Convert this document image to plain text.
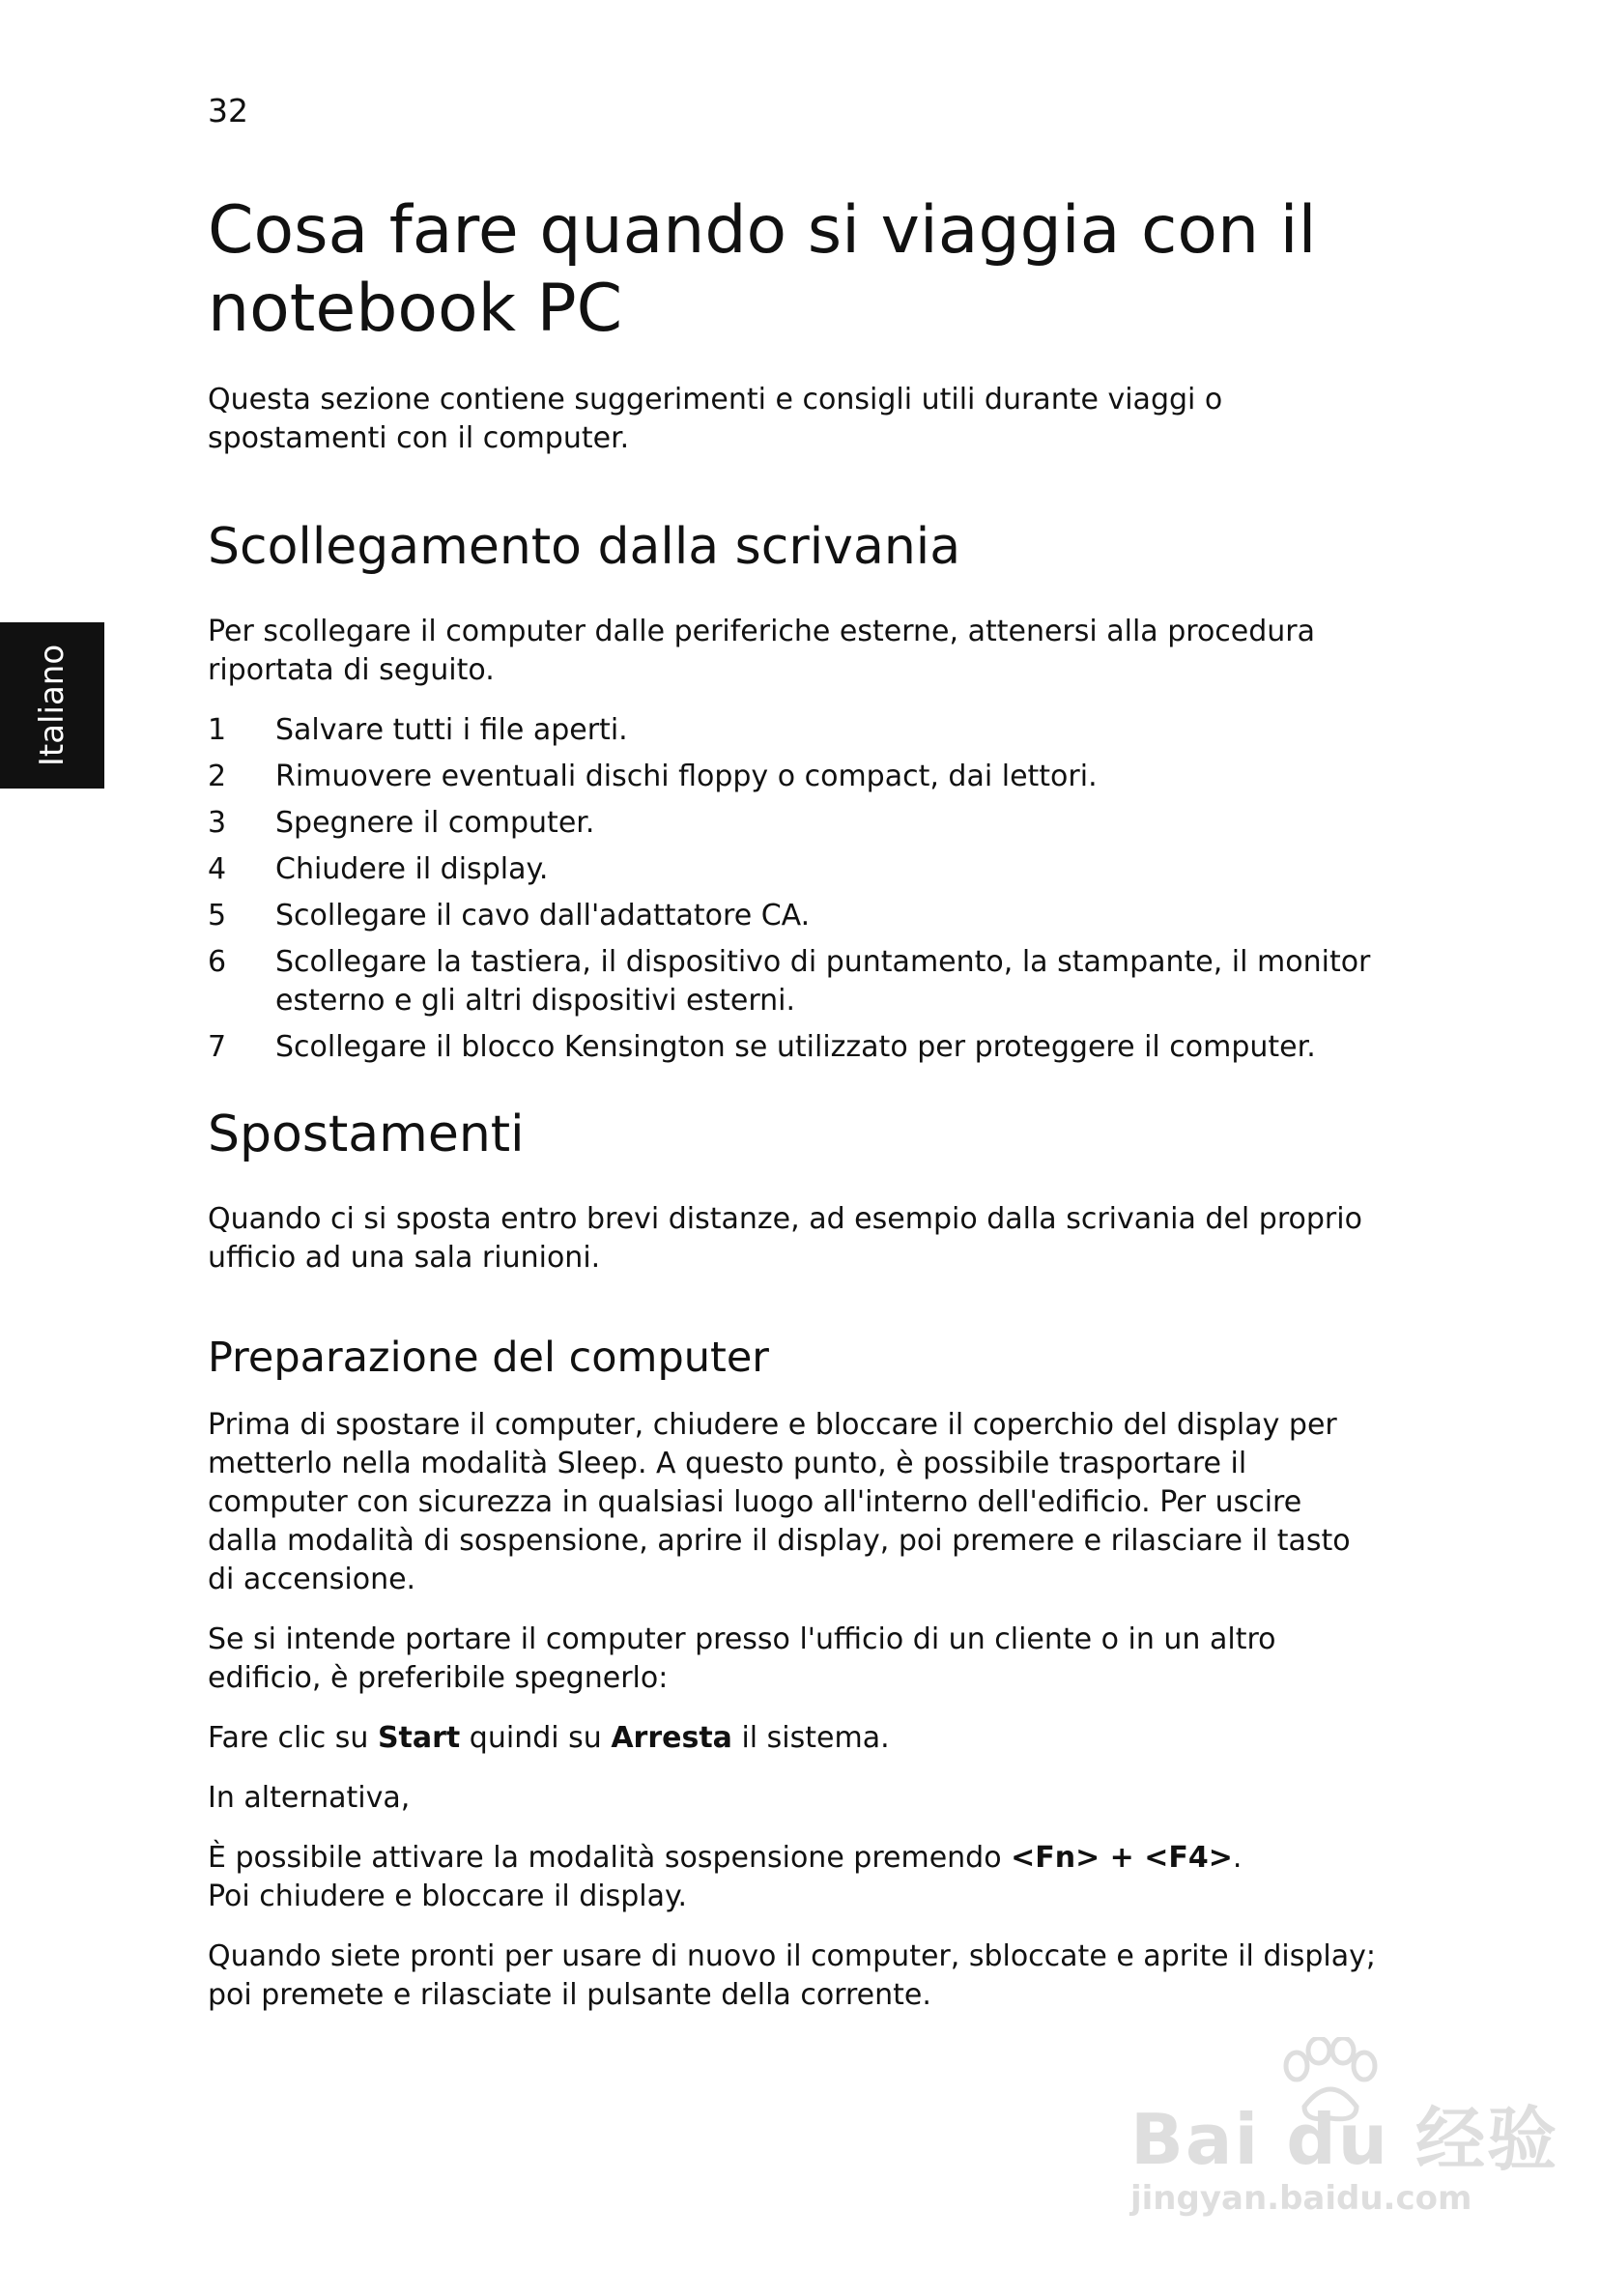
32
Italiano
Cosa fare quando si viaggia con il
notebook PC

Questa sezione contiene suggerimenti e consigli utili durante viaggi o
spostamenti con il computer.

Scollegamento dalla scrivania

Per scollegare il computer dalle periferiche esterne, attenersi alla procedura
riportata di seguito.

1	Salvare tutti i file aperti.
2	Rimuovere eventuali dischi floppy o compact, dai lettori.
3	Spegnere il computer.
4	Chiudere il display.
5	Scollegare il cavo dall'adattatore CA.
6	Scollegare la tastiera, il dispositivo di puntamento, la stampante, il monitor
esterno e gli altri dispositivi esterni.
7	Scollegare il blocco Kensington se utilizzato per proteggere il computer.
Spostamenti

Quando ci si sposta entro brevi distanze, ad esempio dalla scrivania del proprio
ufficio ad una sala riunioni.

Preparazione del computer

Prima di spostare il computer, chiudere e bloccare il coperchio del display per
metterlo nella modalità Sleep. A questo punto, è possibile trasportare il
computer con sicurezza in qualsiasi luogo all'interno dell'edificio. Per uscire
dalla modalità di sospensione, aprire il display, poi premere e rilasciare il tasto
di accensione.

Se si intende portare il computer presso l'ufficio di un cliente o in un altro
edificio, è preferibile spegnerlo:

Fare clic su Start quindi su Arresta il sistema.

In alternativa,

È possibile attivare la modalità sospensione premendo <Fn> + <F4>.
Poi chiudere e bloccare il display.

Quando siete pronti per usare di nuovo il computer, sbloccate e aprite il display;
poi premete e rilasciate il pulsante della corrente.

Bai du 经验
jingyan.baidu.com
